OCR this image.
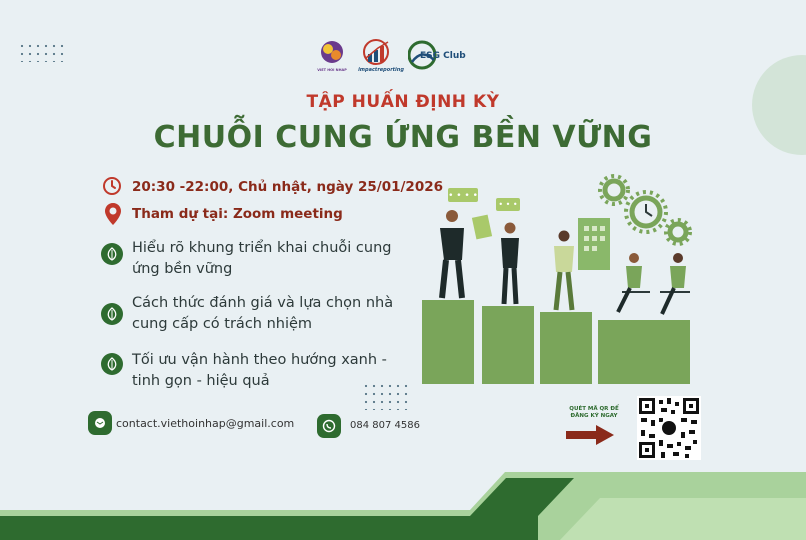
VIET HOI NHAP impactreporting
ESG Club
TẬP HUẤN ĐỊNH KỲ
CHUỖI CUNG ỨNG BỀN VỮNG
20:30 -22:00, Chủ nhật, ngày 25/01/2026
Tham dự tại: Zoom meeting
Hiểu rõ khung triển khai chuỗi cung ứng bền vững
Cách thức đánh giá và lựa chọn nhà cung cấp có trách nhiệm
Tối ưu vận hành theo hướng xanh - tinh gọn - hiệu quả
• • • •
• • •
contact.viethoinhap@gmail.com	084 807 4586
QUÉT MÃ QR ĐỂ ĐĂNG KÝ NGAY
